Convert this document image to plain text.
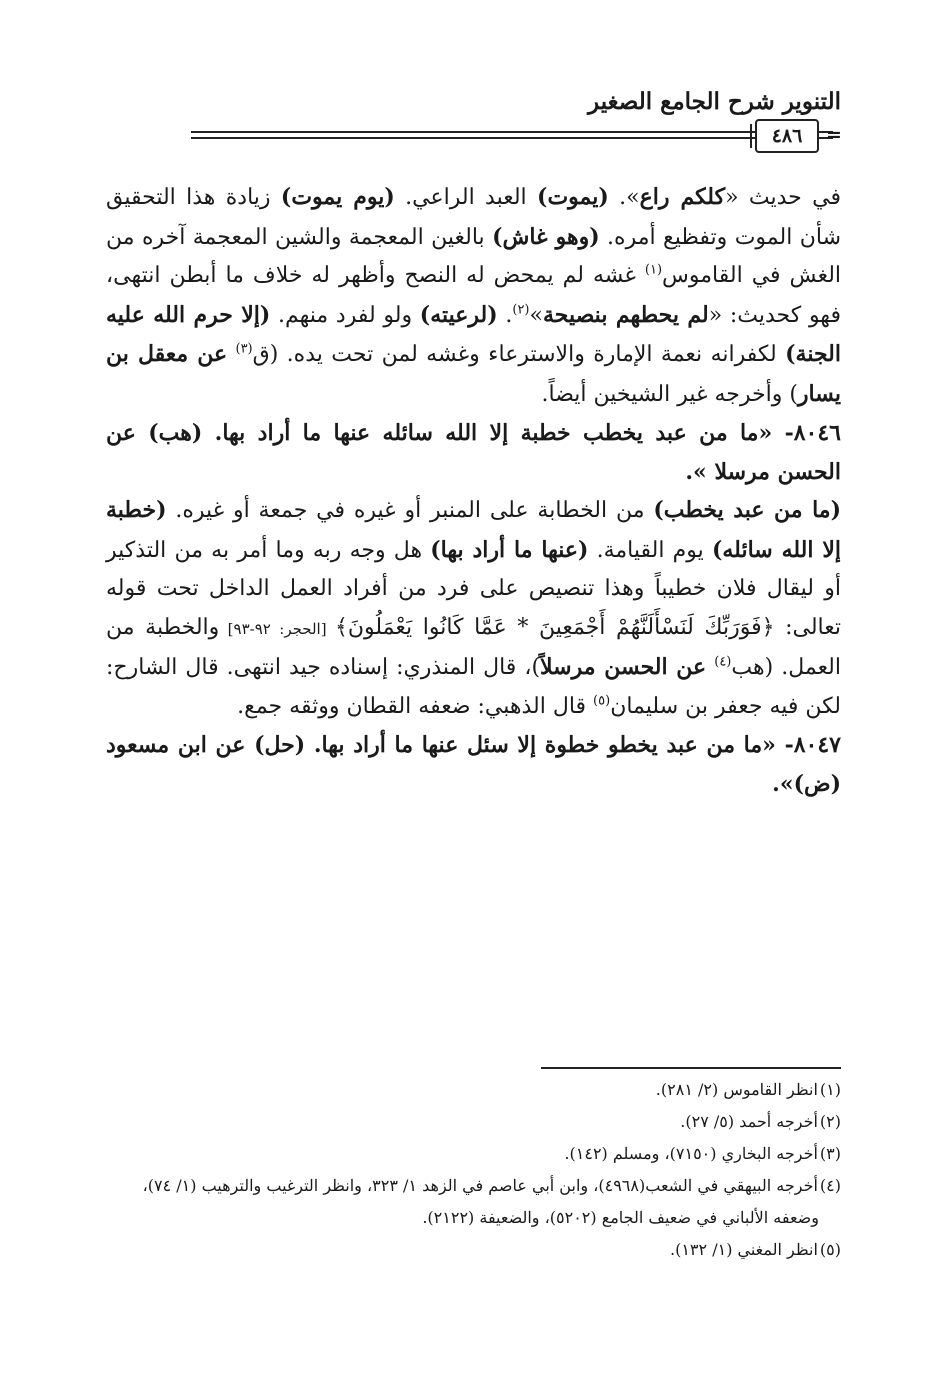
التنوير شرح الجامع الصغير
٤٨٦	=

في حديث «كلكم راع». (يموت) العبد الراعي. (يوم يموت) زيادة هذا التحقيق شأن الموت وتفظيع أمره. (وهو غاش) بالغين المعجمة والشين المعجمة آخره من الغش في القاموس$^{(١)}$ غشه لم يمحض له النصح وأظهر له خلاف ما أبطن انتهى، فهو كحديث: «لم يحطهم بنصيحة»$^{(٢)}$. (لرعيته) ولو لفرد منهم. (إلا حرم الله عليه الجنة) لكفرانه نعمة الإمارة والاسترعاء وغشه لمن تحت يده. (ق$^{(٣)}$ عن معقل بن يسار) وأخرجه غير الشيخين أيضاً.

٨٠٤٦- «ما من عبد يخطب خطبة إلا الله سائله عنها ما أراد بها. (هب) عن الحسن مرسلا ».

(ما من عبد يخطب) من الخطابة على المنبر أو غيره في جمعة أو غيره. (خطبة إلا الله سائله) يوم القيامة. (عنها ما أراد بها) هل وجه ربه وما أمر به من التذكير أو ليقال فلان خطيباً وهذا تنصيص على فرد من أفراد العمل الداخل تحت قوله تعالى: ﴿فَوَرَبِّكَ لَنَسْأَلَنَّهُمْ أَجْمَعِينَ * عَمَّا كَانُوا يَعْمَلُونَ﴾ [الحجر: ٩٢-٩٣] والخطبة من العمل. (هب$^{(٤)}$ عن الحسن مرسلاً)، قال المنذري: إسناده جيد انتهى. قال الشارح: لكن فيه جعفر بن سليمان$^{(٥)}$ قال الذهبي: ضعفه القطان ووثقه جمع.

٨٠٤٧- «ما من عبد يخطو خطوة إلا سئل عنها ما أراد بها. (حل) عن ابن مسعود (ض)».

(١)انظر القاموس (٢/ ٢٨١).

(٢)أخرجه أحمد (٥/ ٢٧).

(٣)أخرجه البخاري (٧١٥٠)، ومسلم (١٤٢).

(٤)أخرجه البيهقي في الشعب(٤٩٦٨)، وابن أبي عاصم في الزهد ١/ ٣٢٣، وانظر الترغيب والترهيب (١/ ٧٤)، وضعفه الألباني في ضعيف الجامع (٥٢٠٢)، والضعيفة (٢١٢٢).

(٥)انظر المغني (١/ ١٣٢).
